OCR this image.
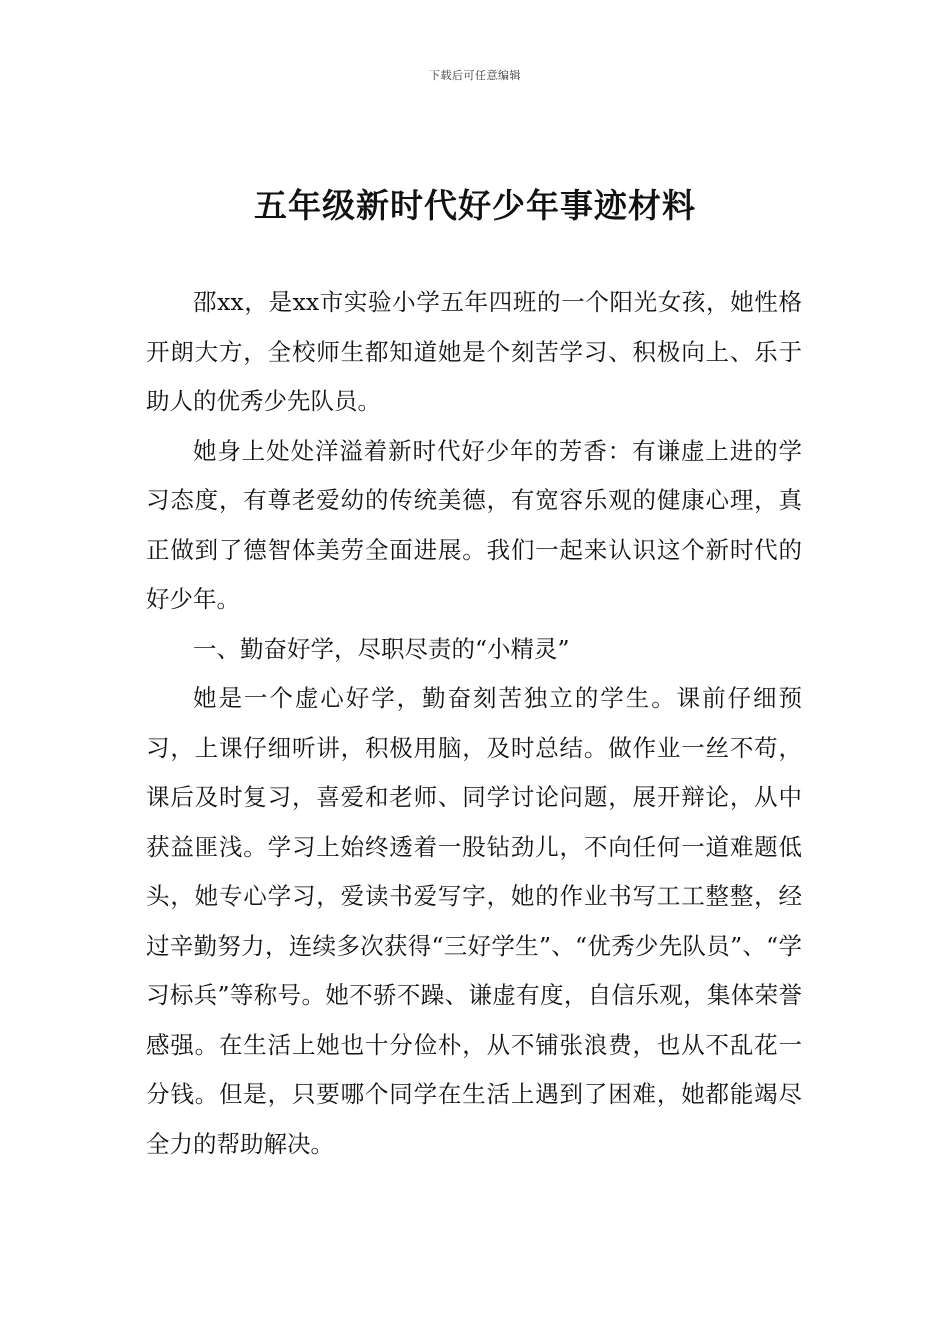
下载后可任意编辑
五年级新时代好少年事迹材料

邵xx，是xx市实验小学五年四班的一个阳光女孩，她性格开朗大方，全校师生都知道她是个刻苦学习、积极向上、乐于助人的优秀少先队员。

她身上处处洋溢着新时代好少年的芳香：有谦虚上进的学习态度，有尊老爱幼的传统美德，有宽容乐观的健康心理，真正做到了德智体美劳全面进展。我们一起来认识这个新时代的好少年。

一、勤奋好学，尽职尽责的“小精灵”

她是一个虚心好学，勤奋刻苦独立的学生。课前仔细预习，上课仔细听讲，积极用脑，及时总结。做作业一丝不苟，课后及时复习，喜爱和老师、同学讨论问题，展开辩论，从中获益匪浅。学习上始终透着一股钻劲儿，不向任何一道难题低头，她专心学习，爱读书爱写字，她的作业书写工工整整，经过辛勤努力，连续多次获得“三好学生”、“优秀少先队员”、“学习标兵”等称号。她不骄不躁、谦虚有度，自信乐观，集体荣誉感强。在生活上她也十分俭朴，从不铺张浪费，也从不乱花一分钱。但是，只要哪个同学在生活上遇到了困难，她都能竭尽全力的帮助解决。
